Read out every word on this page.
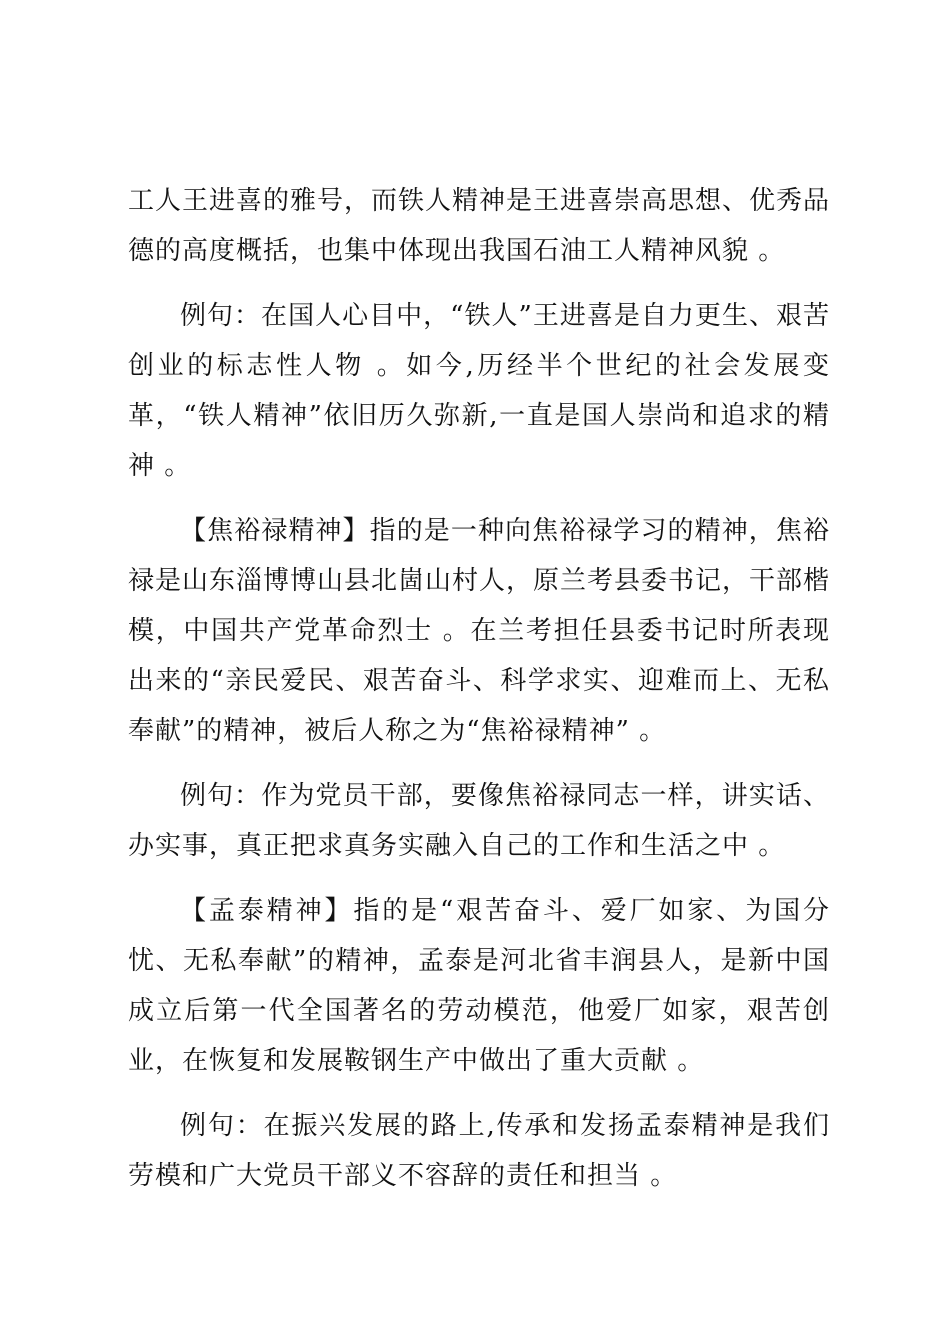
工人王进喜的雅号，而铁人精神是王进喜崇高思想、优秀品德的高度概括，也集中体现出我国石油工人精神风貌 。

例句：在国人心目中，“铁人”王进喜是自力更生、艰苦创业的标志性人物 。如今,历经半个世纪的社会发展变革，“铁人精神”依旧历久弥新,一直是国人崇尚和追求的精神 。

【焦裕禄精神】指的是一种向焦裕禄学习的精神，焦裕禄是山东淄博博山县北崮山村人，原兰考县委书记，干部楷模，中国共产党革命烈士 。在兰考担任县委书记时所表现出来的“亲民爱民、艰苦奋斗、科学求实、迎难而上、无私奉献”的精神，被后人称之为“焦裕禄精神” 。

例句：作为党员干部，要像焦裕禄同志一样，讲实话、办实事，真正把求真务实融入自己的工作和生活之中 。

【孟泰精神】指的是“艰苦奋斗、爱厂如家、为国分忧、无私奉献”的精神，孟泰是河北省丰润县人，是新中国成立后第一代全国著名的劳动模范，他爱厂如家，艰苦创业，在恢复和发展鞍钢生产中做出了重大贡献 。

例句：在振兴发展的路上,传承和发扬孟泰精神是我们劳模和广大党员干部义不容辞的责任和担当 。
